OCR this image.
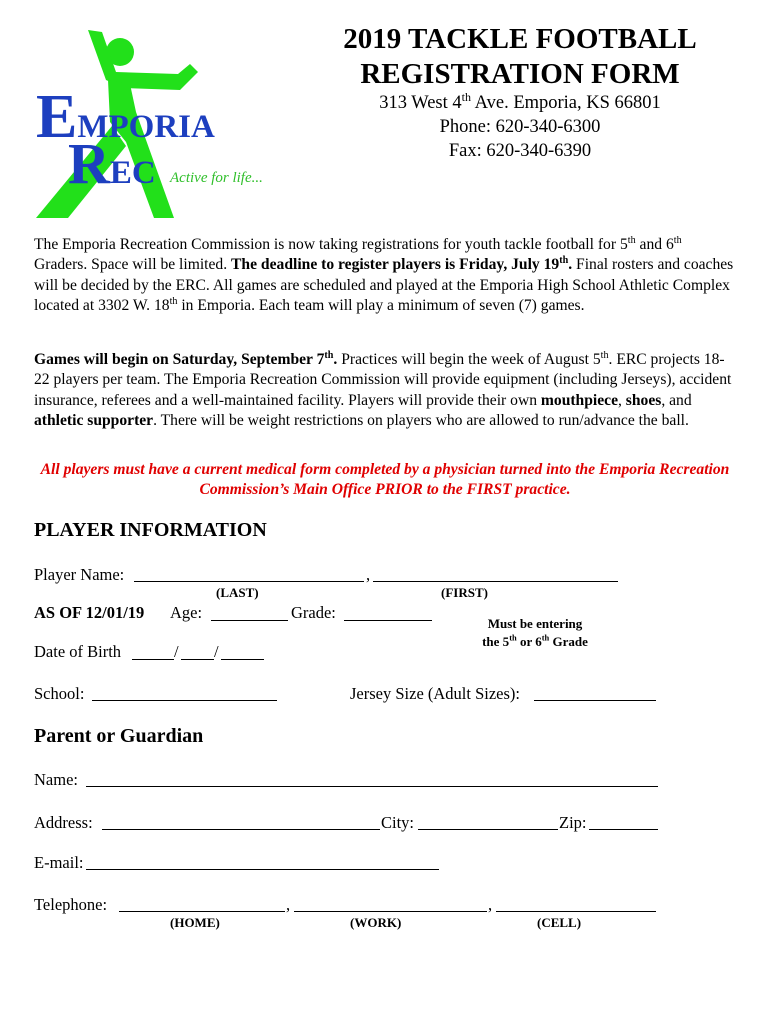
EMPORIA
REC Active for life...
2019 TACKLE FOOTBALL
REGISTRATION FORM
313 West 4th Ave. Emporia, KS 66801
Phone: 620-340-6300
Fax: 620-340-6390
The Emporia Recreation Commission is now taking registrations for youth tackle football for 5th and 6th Graders. Space will be limited. The deadline to register players is Friday, July 19th. Final rosters and coaches will be decided by the ERC. All games are scheduled and played at the Emporia High School Athletic Complex located at 3302 W. 18th in Emporia. Each team will play a minimum of seven (7) games.
Games will begin on Saturday, September 7th. Practices will begin the week of August 5th. ERC projects 18-22 players per team. The Emporia Recreation Commission will provide equipment (including Jerseys), accident insurance, referees and a well-maintained facility. Players will provide their own mouthpiece, shoes, and athletic supporter. There will be weight restrictions on players who are allowed to run/advance the ball.
All players must have a current medical form completed by a physician turned into the Emporia Recreation Commission’s Main Office PRIOR to the FIRST practice.
PLAYER INFORMATION
Player Name:	,
(LAST)	(FIRST)
AS OF 12/01/19 Age:	Grade:
Must be entering
the 5th or 6th Grade
Date of Birth	/ /
School:	Jersey Size (Adult Sizes):
Parent or Guardian
Name:
Address:	City:	Zip:
E-mail:
Telephone:	,	,
(HOME)	(WORK)	(CELL)
